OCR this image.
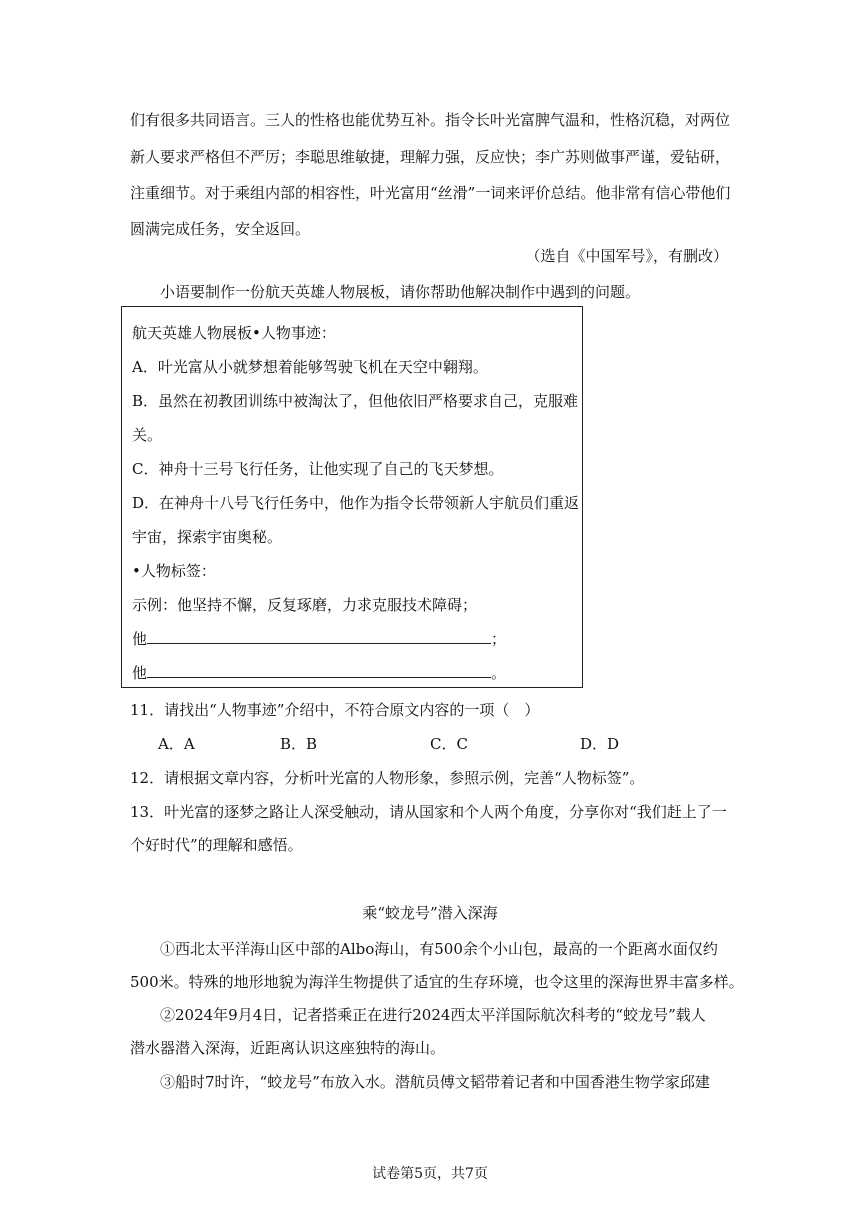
们有很多共同语言。三人的性格也能优势互补。指令长叶光富脾气温和，性格沉稳，对两位
新人要求严格但不严厉；李聪思维敏捷，理解力强，反应快；李广苏则做事严谨，爱钻研，
注重细节。对于乘组内部的相容性，叶光富用“丝滑”一词来评价总结。他非常有信心带他们
圆满完成任务，安全返回。
（选自《中国军号》，有删改）
小语要制作一份航天英雄人物展板，请你帮助他解决制作中遇到的问题。
航天英雄人物展板•人物事迹：
A．叶光富从小就梦想着能够驾驶飞机在天空中翱翔。
B．虽然在初教团训练中被淘汰了，但他依旧严格要求自己，克服难
关。
C．神舟十三号飞行任务，让他实现了自己的飞天梦想。
D．在神舟十八号飞行任务中，他作为指令长带领新人宇航员们重返
宇宙，探索宇宙奥秘。
•人物标签：
示例：他坚持不懈，反复琢磨，力求克服技术障碍；
他	；
他	。
11．请找出“人物事迹”介绍中，不符合原文内容的一项（　）
A．A	B．B	C．C	D．D
12．请根据文章内容，分析叶光富的人物形象，参照示例，完善“人物标签”。
13．叶光富的逐梦之路让人深受触动，请从国家和个人两个角度，分享你对“我们赶上了一
个好时代”的理解和感悟。
乘“蛟龙号”潜入深海
①西北太平洋海山区中部的Albo海山，有500余个小山包，最高的一个距离水面仅约
500米。特殊的地形地貌为海洋生物提供了适宜的生存环境，也令这里的深海世界丰富多样。
②2024年9月4日，记者搭乘正在进行2024西太平洋国际航次科考的“蛟龙号”载人
潜水器潜入深海，近距离认识这座独特的海山。
③船时7时许，“蛟龙号”布放入水。潜航员傅文韬带着记者和中国香港生物学家邱建
试卷第5页，共7页
